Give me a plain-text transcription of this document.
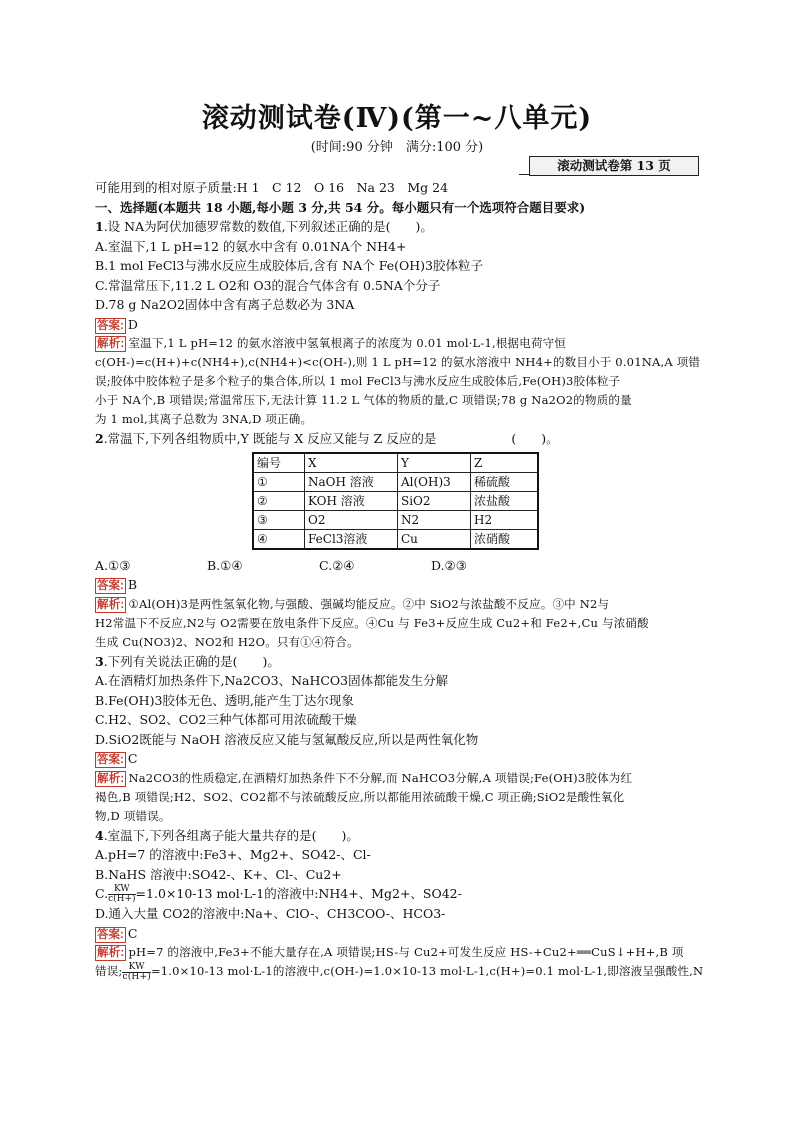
滚动测试卷(Ⅳ)(第一~八单元)
(时间:90 分钟　满分:100 分)
滚动测试卷第 13 页
可能用到的相对原子质量:H 1　C 12　O 16　Na 23　Mg 24
一、选择题(本题共 18 小题,每小题 3 分,共 54 分。每小题只有一个选项符合题目要求)
1.设 NA为阿伏加德罗常数的数值,下列叙述正确的是(　　)。
A.室温下,1 L pH=12 的氨水中含有 0.01NA个 NH4+
B.1 mol FeCl3与沸水反应生成胶体后,含有 NA个 Fe(OH)3胶体粒子
C.常温常压下,11.2 L O2和 O3的混合气体含有 0.5NA个分子
D.78 g Na2O2固体中含有离子总数必为 3NA
答案: D
解析: 室温下,1 L pH=12 的氨水溶液中氢氧根离子的浓度为 0.01 mol·L-1,根据电荷守恒
c(OH-)=c(H+)+c(NH4+),c(NH4+)<c(OH-),则 1 L pH=12 的氨水溶液中 NH4+的数目小于 0.01NA,A 项错
误;胶体中胶体粒子是多个粒子的集合体,所以 1 mol FeCl3与沸水反应生成胶体后,Fe(OH)3胶体粒子
小于 NA个,B 项错误;常温常压下,无法计算 11.2 L 气体的物质的量,C 项错误;78 g Na2O2的物质的量
为 1 mol,其离子总数为 3NA,D 项正确。
2.常温下,下列各组物质中,Y 既能与 X 反应又能与 Z 反应的是　　　　　　(　　)。
编号	X	Y	Z
①	NaOH 溶液	Al(OH)3	稀硫酸
②	KOH 溶液	SiO2	浓盐酸
③	O2	N2	H2
④	FeCl3溶液	Cu	浓硝酸
A.①③	B.①④	C.②④	D.②③
答案: B
解析: ①Al(OH)3是两性氢氧化物,与强酸、强碱均能反应。②中 SiO2与浓盐酸不反应。③中 N2与
H2常温下不反应,N2与 O2需要在放电条件下反应。④Cu 与 Fe3+反应生成 Cu2+和 Fe2+,Cu 与浓硝酸
生成 Cu(NO3)2、NO2和 H2O。只有①④符合。
3.下列有关说法正确的是(　　)。
A.在酒精灯加热条件下,Na2CO3、NaHCO3固体都能发生分解
B.Fe(OH)3胶体无色、透明,能产生丁达尔现象
C.H2、SO2、CO2三种气体都可用浓硫酸干燥
D.SiO2既能与 NaOH 溶液反应又能与氢氟酸反应,所以是两性氧化物
答案: C
解析: Na2CO3的性质稳定,在酒精灯加热条件下不分解,而 NaHCO3分解,A 项错误;Fe(OH)3胶体为红
褐色,B 项错误;H2、SO2、CO2都不与浓硫酸反应,所以都能用浓硫酸干燥,C 项正确;SiO2是酸性氧化
物,D 项错误。
4.室温下,下列各组离子能大量共存的是(　　)。
A.pH=7 的溶液中:Fe3+、Mg2+、SO42-、Cl-
B.NaHS 溶液中:SO42-、K+、Cl-、Cu2+
C. $\frac{KW}{c(H+)} =1.0\times 10-13$ mol·L-1的溶液中:NH4+、Mg2+、SO42-
D.通入大量 CO2的溶液中:Na+、ClO-、CH3COO-、HCO3-
答案: C
解析: pH=7 的溶液中,Fe3+不能大量存在,A 项错误;HS-与 Cu2+可发生反应 HS-+Cu2+══CuS↓+H+,B 项
错误; $\frac{KW}{c(H+)} =1.0\times 10-13$ mol·L-1的溶液中,c(OH-)=1.0×10-13 mol·L-1,c(H+)=0.1 mol·L-1,即溶液呈强酸性,N
